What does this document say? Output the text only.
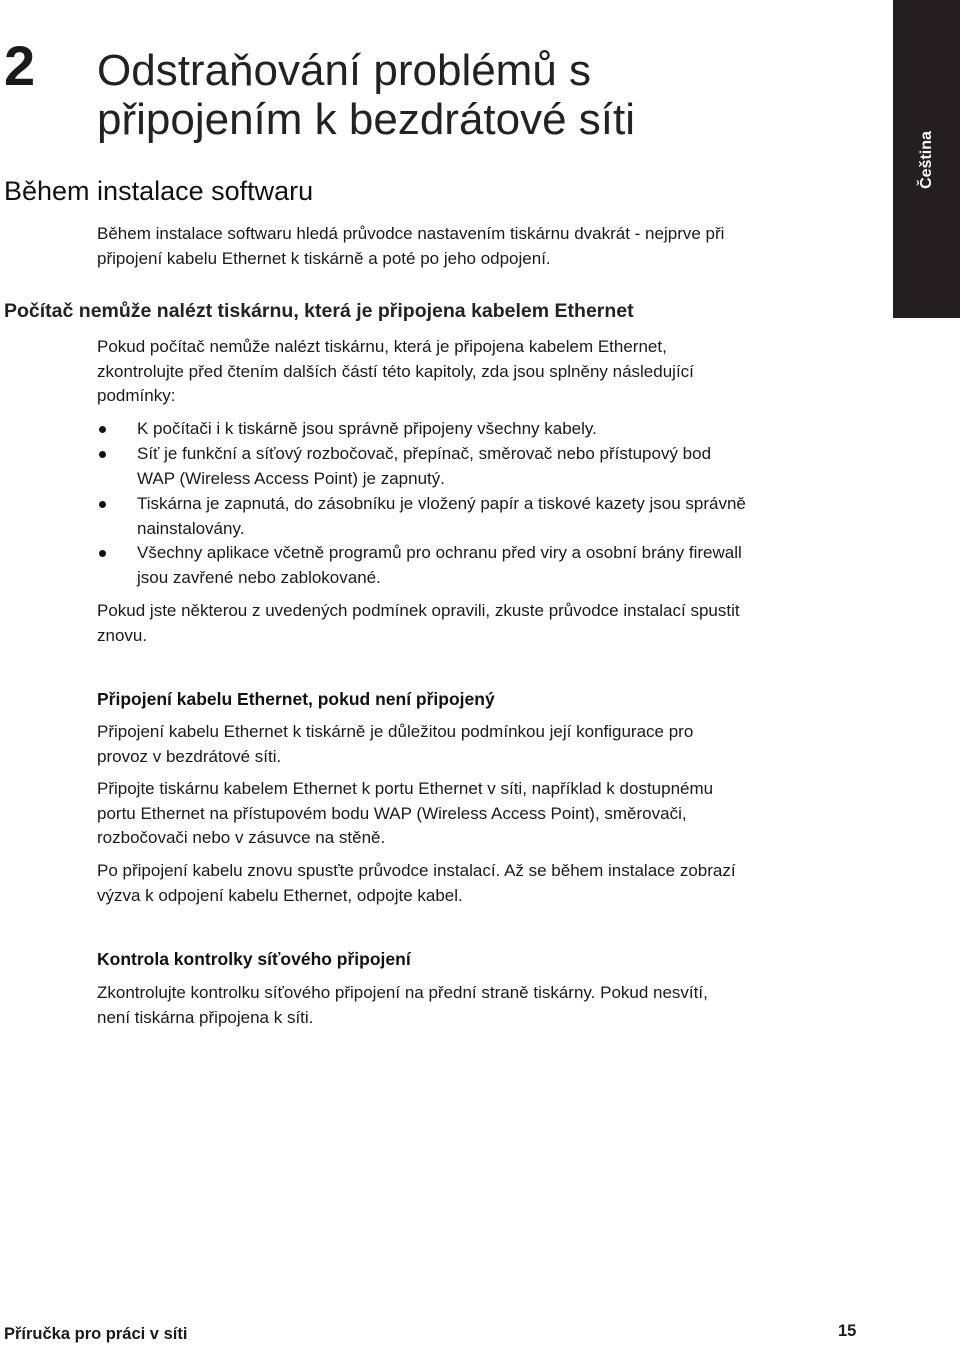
2 Odstraňování problémů s
připojením k bezdrátové síti
Čeština
Během instalace softwaru
Během instalace softwaru hledá průvodce nastavením tiskárnu dvakrát - nejprve při
připojení kabelu Ethernet k tiskárně a poté po jeho odpojení.
Počítač nemůže nalézt tiskárnu, která je připojena kabelem Ethernet
Pokud počítač nemůže nalézt tiskárnu, která je připojena kabelem Ethernet,
zkontrolujte před čtením dalších částí této kapitoly, zda jsou splněny následující
podmínky:
K počítači i k tiskárně jsou správně připojeny všechny kabely.
Síť je funkční a síťový rozbočovač, přepínač, směrovač nebo přístupový bod
WAP (Wireless Access Point) je zapnutý.
Tiskárna je zapnutá, do zásobníku je vložený papír a tiskové kazety jsou správně
nainstalovány.
Všechny aplikace včetně programů pro ochranu před viry a osobní brány firewall
jsou zavřené nebo zablokované.
Pokud jste některou z uvedených podmínek opravili, zkuste průvodce instalací spustit
znovu.
Připojení kabelu Ethernet, pokud není připojený
Připojení kabelu Ethernet k tiskárně je důležitou podmínkou její konfigurace pro
provoz v bezdrátové síti.
Připojte tiskárnu kabelem Ethernet k portu Ethernet v síti, například k dostupnému
portu Ethernet na přístupovém bodu WAP (Wireless Access Point), směrovači,
rozbočovači nebo v zásuvce na stěně.
Po připojení kabelu znovu spusťte průvodce instalací. Až se během instalace zobrazí
výzva k odpojení kabelu Ethernet, odpojte kabel.
Kontrola kontrolky síťového připojení
Zkontrolujte kontrolku síťového připojení na přední straně tiskárny. Pokud nesvítí,
není tiskárna připojena k síti.
Příručka pro práci v síti	15
